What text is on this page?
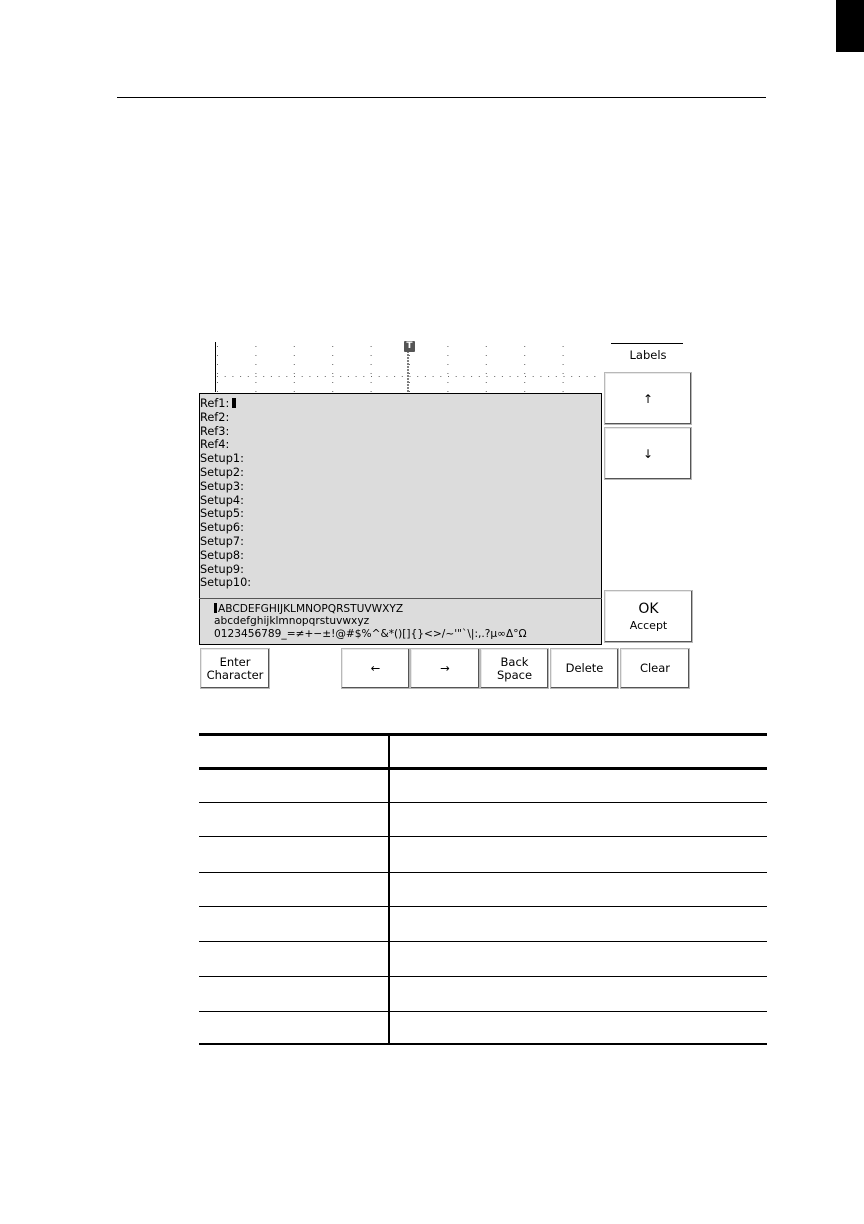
T
Labels
↑
↓
Ref1:
Ref2:
Ref3:
Ref4:
Setup1:
Setup2:
Setup3:
Setup4:
Setup5:
Setup6:
Setup7:
Setup8:
Setup9:
Setup10:
ABCDEFGHIJKLMNOPQRSTUVWXYZ
abcdefghijklmnopqrstuvwxyz
0123456789_=≠+−±!@#$%^&*()[]{}<>/~'"`\|:,.?μ∞Δ°Ω
OK
Accept
Enter Character	←	→	Back Space	Delete	Clear
